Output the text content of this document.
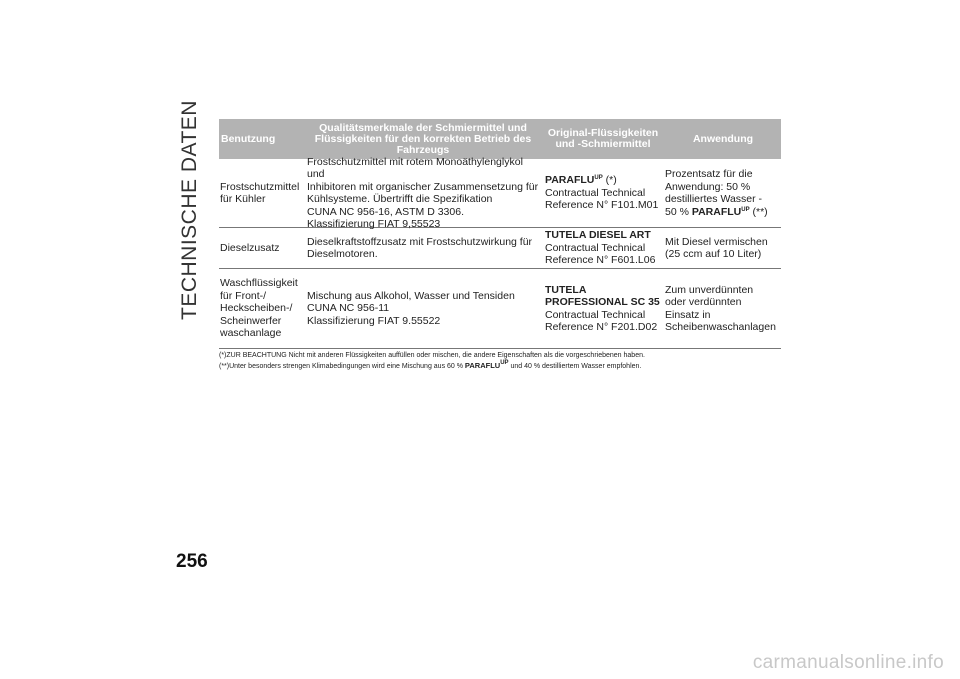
TECHNISCHE DATEN Benutzung
Qualitätsmerkmale der Schmiermittel und Flüssigkeiten für den korrekten Betrieb des Fahrzeugs
Original-Flüssigkeiten und -Schmiermittel	Anwendung
Frostschutzmittel
für Kühler
Frostschutzmittel mit rotem Monoäthylenglykol und
Inhibitoren mit organischer Zusammensetzung für
Kühlsysteme. Übertrifft die Spezifikation
CUNA NC 956-16, ASTM D 3306.
Klassifizierung FIAT 9,55523
$PARAFLU^{UP}$ (*)
Contractual Technical
Reference N° F101.M01
Prozentsatz für die
Anwendung: 50 %
destilliertes Wasser -
50 % $PARAFLU^{UP}$ (**)
Dieselzusatz
Dieselkraftstoffzusatz mit Frostschutzwirkung für
Dieselmotoren.
TUTELA DIESEL ART
Contractual Technical
Reference N° F601.L06
Mit Diesel vermischen
(25 ccm auf 10 Liter)
Waschflüssigkeit
für Front-/
Heckscheiben-/
Scheinwerfer
waschanlage
Mischung aus Alkohol, Wasser und Tensiden
CUNA NC 956-11
Klassifizierung FIAT 9.55522
TUTELA
PROFESSIONAL SC 35
Contractual Technical
Reference N° F201.D02
Zum unverdünnten
oder verdünnten
Einsatz in
Scheibenwaschanlagen
(*)ZUR BEACHTUNG Nicht mit anderen Flüssigkeiten auffüllen oder mischen, die andere Eigenschaften als die vorgeschriebenen haben.
(**)Unter besonders strengen Klimabedingungen wird eine Mischung aus 60 % $PARAFLU^{UP}$ und 40 % destilliertem Wasser empfohlen.
256
carmanualsonline.info
